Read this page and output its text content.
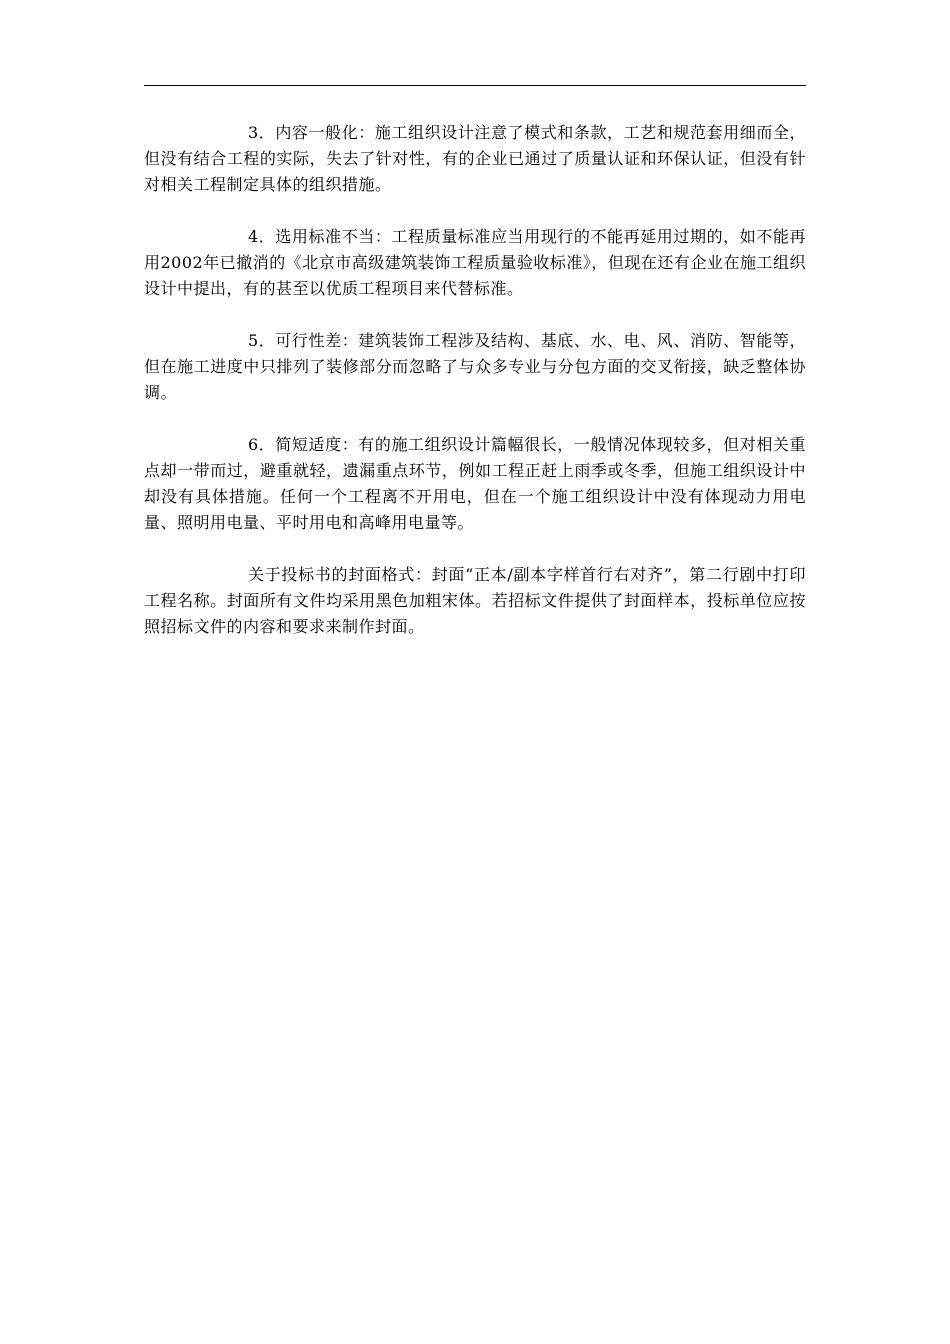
3．内容一般化：施工组织设计注意了模式和条款，工艺和规范套用细而全，但没有结合工程的实际，失去了针对性，有的企业已通过了质量认证和环保认证，但没有针对相关工程制定具体的组织措施。

4．选用标准不当：工程质量标准应当用现行的不能再延用过期的，如不能再用2002年已撤消的《北京市高级建筑装饰工程质量验收标准》，但现在还有企业在施工组织设计中提出，有的甚至以优质工程项目来代替标准。

5．可行性差：建筑装饰工程涉及结构、基底、水、电、风、消防、智能等，但在施工进度中只排列了装修部分而忽略了与众多专业与分包方面的交叉衔接，缺乏整体协调。

6．简短适度：有的施工组织设计篇幅很长，一般情况体现较多，但对相关重点却一带而过，避重就轻，遗漏重点环节，例如工程正赶上雨季或冬季，但施工组织设计中却没有具体措施。任何一个工程离不开用电，但在一个施工组织设计中没有体现动力用电量、照明用电量、平时用电和高峰用电量等。

关于投标书的封面格式：封面“正本/副本字样首行右对齐”，第二行剧中打印工程名称。封面所有文件均采用黑色加粗宋体。若招标文件提供了封面样本，投标单位应按照招标文件的内容和要求来制作封面。
